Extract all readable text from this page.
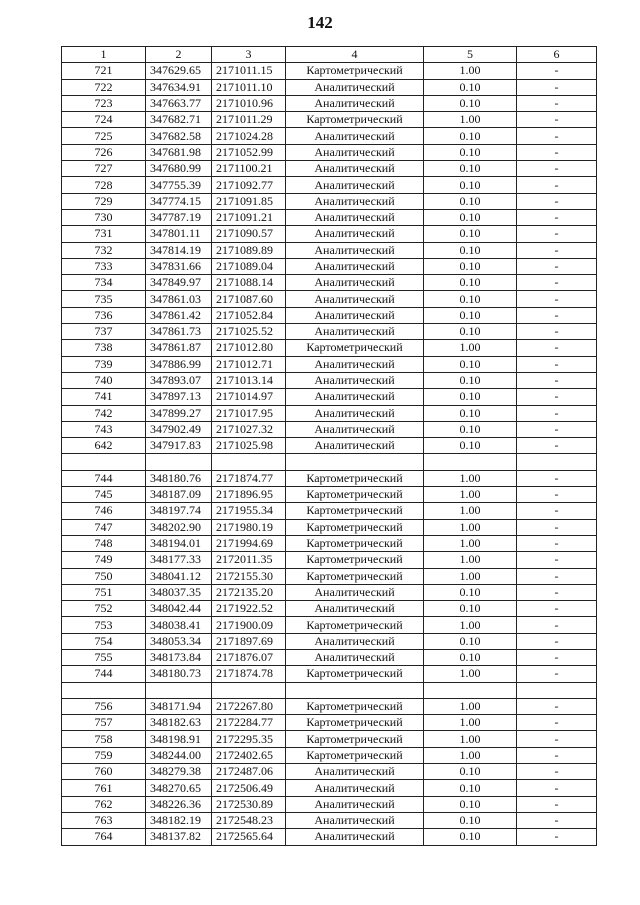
142
1	2	3	4	5	6
721	347629.65	2171011.15	Картометрический	1.00	-
722	347634.91	2171011.10	Аналитический	0.10	-
723	347663.77	2171010.96	Аналитический	0.10	-
724	347682.71	2171011.29	Картометрический	1.00	-
725	347682.58	2171024.28	Аналитический	0.10	-
726	347681.98	2171052.99	Аналитический	0.10	-
727	347680.99	2171100.21	Аналитический	0.10	-
728	347755.39	2171092.77	Аналитический	0.10	-
729	347774.15	2171091.85	Аналитический	0.10	-
730	347787.19	2171091.21	Аналитический	0.10	-
731	347801.11	2171090.57	Аналитический	0.10	-
732	347814.19	2171089.89	Аналитический	0.10	-
733	347831.66	2171089.04	Аналитический	0.10	-
734	347849.97	2171088.14	Аналитический	0.10	-
735	347861.03	2171087.60	Аналитический	0.10	-
736	347861.42	2171052.84	Аналитический	0.10	-
737	347861.73	2171025.52	Аналитический	0.10	-
738	347861.87	2171012.80	Картометрический	1.00	-
739	347886.99	2171012.71	Аналитический	0.10	-
740	347893.07	2171013.14	Аналитический	0.10	-
741	347897.13	2171014.97	Аналитический	0.10	-
742	347899.27	2171017.95	Аналитический	0.10	-
743	347902.49	2171027.32	Аналитический	0.10	-
642	347917.83	2171025.98	Аналитический	0.10	-

744	348180.76	2171874.77	Картометрический	1.00	-
745	348187.09	2171896.95	Картометрический	1.00	-
746	348197.74	2171955.34	Картометрический	1.00	-
747	348202.90	2171980.19	Картометрический	1.00	-
748	348194.01	2171994.69	Картометрический	1.00	-
749	348177.33	2172011.35	Картометрический	1.00	-
750	348041.12	2172155.30	Картометрический	1.00	-
751	348037.35	2172135.20	Аналитический	0.10	-
752	348042.44	2171922.52	Аналитический	0.10	-
753	348038.41	2171900.09	Картометрический	1.00	-
754	348053.34	2171897.69	Аналитический	0.10	-
755	348173.84	2171876.07	Аналитический	0.10	-
744	348180.73	2171874.78	Картометрический	1.00	-

756	348171.94	2172267.80	Картометрический	1.00	-
757	348182.63	2172284.77	Картометрический	1.00	-
758	348198.91	2172295.35	Картометрический	1.00	-
759	348244.00	2172402.65	Картометрический	1.00	-
760	348279.38	2172487.06	Аналитический	0.10	-
761	348270.65	2172506.49	Аналитический	0.10	-
762	348226.36	2172530.89	Аналитический	0.10	-
763	348182.19	2172548.23	Аналитический	0.10	-
764	348137.82	2172565.64	Аналитический	0.10	-
